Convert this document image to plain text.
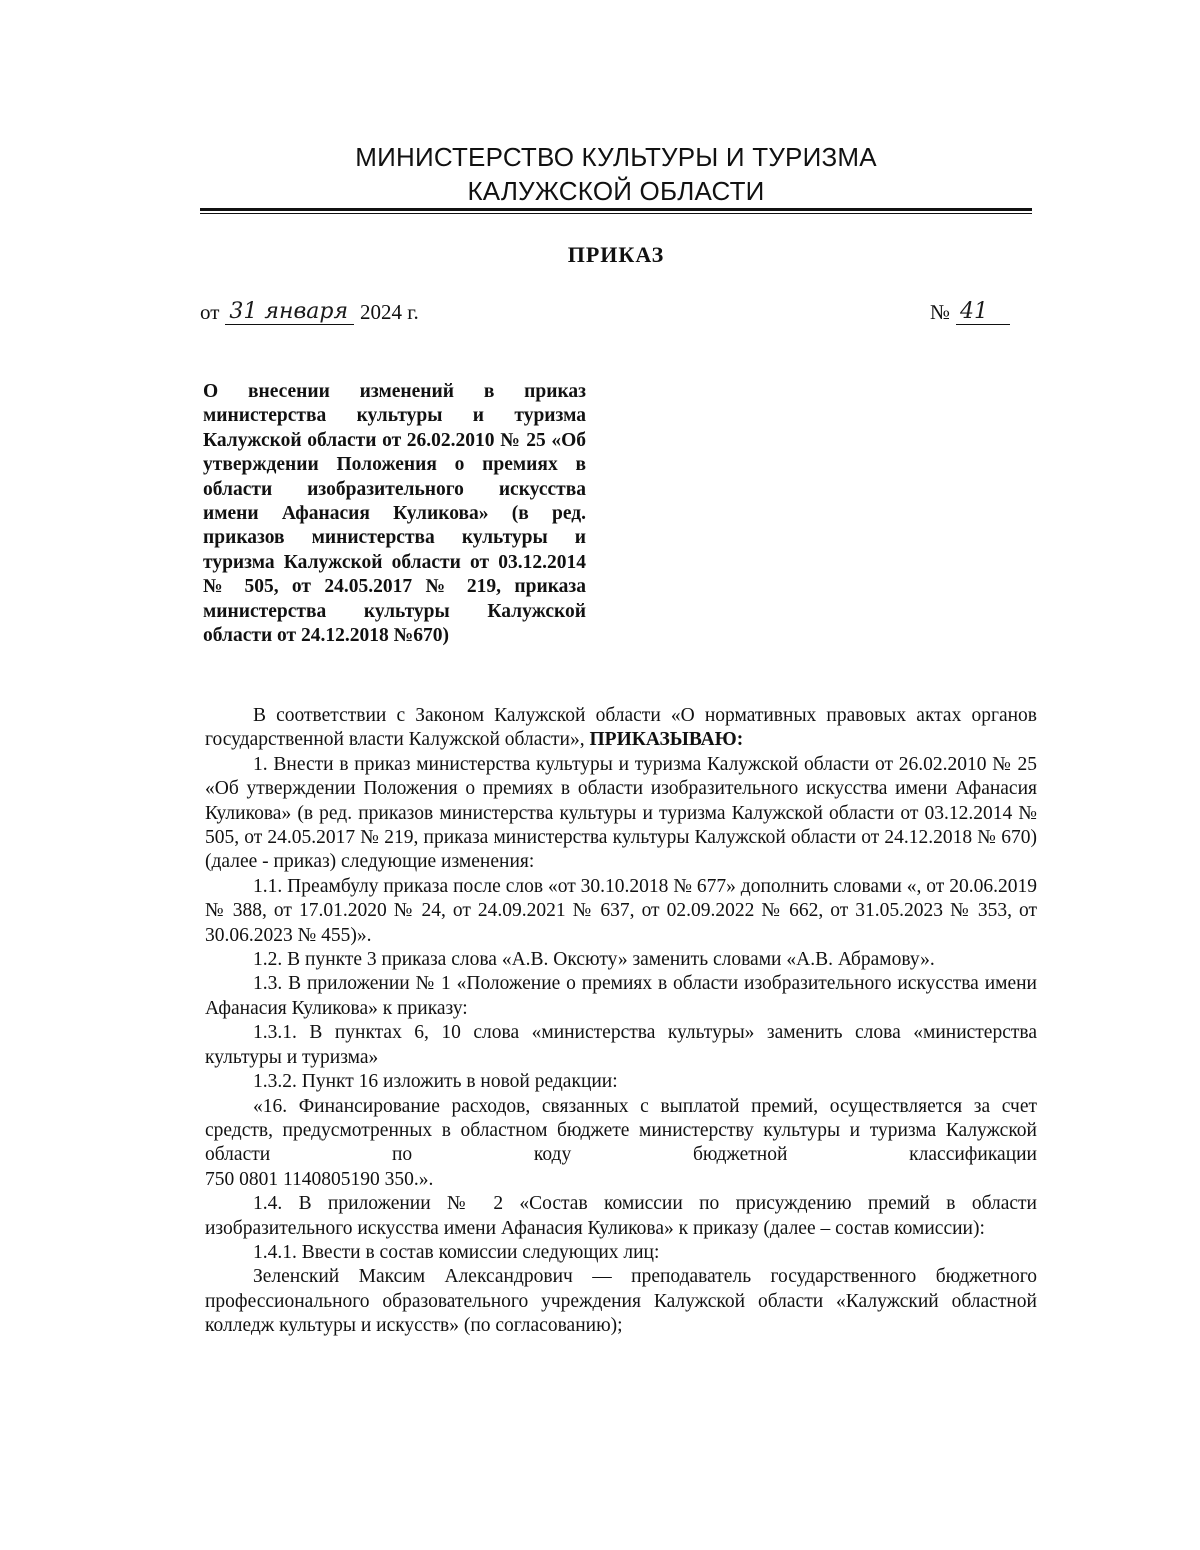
МИНИСТЕРСТВО КУЛЬТУРЫ И ТУРИЗМА
КАЛУЖСКОЙ ОБЛАСТИ
ПРИКАЗ
от 31 января 2024 г.	№ 41
О внесении изменений в приказ министерства культуры и туризма Калужской области от 26.02.2010 № 25 «Об утверждении Положения о премиях в области изобразительного искусства имени Афанасия Куликова» (в ред. приказов министерства культуры и туризма Калужской области от 03.12.2014 № 505, от 24.05.2017 № 219, приказа министерства культуры Калужской области от 24.12.2018 №670)

В соответствии с Законом Калужской области «О нормативных правовых актах органов государственной власти Калужской области», ПРИКАЗЫВАЮ:

1. Внести в приказ министерства культуры и туризма Калужской области от 26.02.2010 № 25 «Об утверждении Положения о премиях в области изобразительного искусства имени Афанасия Куликова» (в ред. приказов министерства культуры и туризма Калужской области от 03.12.2014 № 505, от 24.05.2017 № 219, приказа министерства культуры Калужской области от 24.12.2018 № 670) (далее - приказ) следующие изменения:

1.1. Преамбулу приказа после слов «от 30.10.2018 № 677» дополнить словами «, от 20.06.2019 № 388, от 17.01.2020 № 24, от 24.09.2021 № 637, от 02.09.2022 № 662, от 31.05.2023 № 353, от 30.06.2023 № 455)».

1.2. В пункте 3 приказа слова «А.В. Оксюту» заменить словами «А.В. Абрамову».

1.3. В приложении № 1 «Положение о премиях в области изобразительного искусства имени Афанасия Куликова» к приказу:

1.3.1. В пунктах 6, 10 слова «министерства культуры» заменить слова «министерства культуры и туризма»

1.3.2. Пункт 16 изложить в новой редакции:

«16. Финансирование расходов, связанных с выплатой премий, осуществляется за счет средств, предусмотренных в областном бюджете министерству культуры и туризма Калужской области по коду бюджетной классификации

750 0801 1140805190 350.».

1.4. В приложении № 2 «Состав комиссии по присуждению премий в области изобразительного искусства имени Афанасия Куликова» к приказу (далее – состав комиссии):

1.4.1. Ввести в состав комиссии следующих лиц:

Зеленский Максим Александрович — преподаватель государственного бюджетного профессионального образовательного учреждения Калужской области «Калужский областной колледж культуры и искусств» (по согласованию);
